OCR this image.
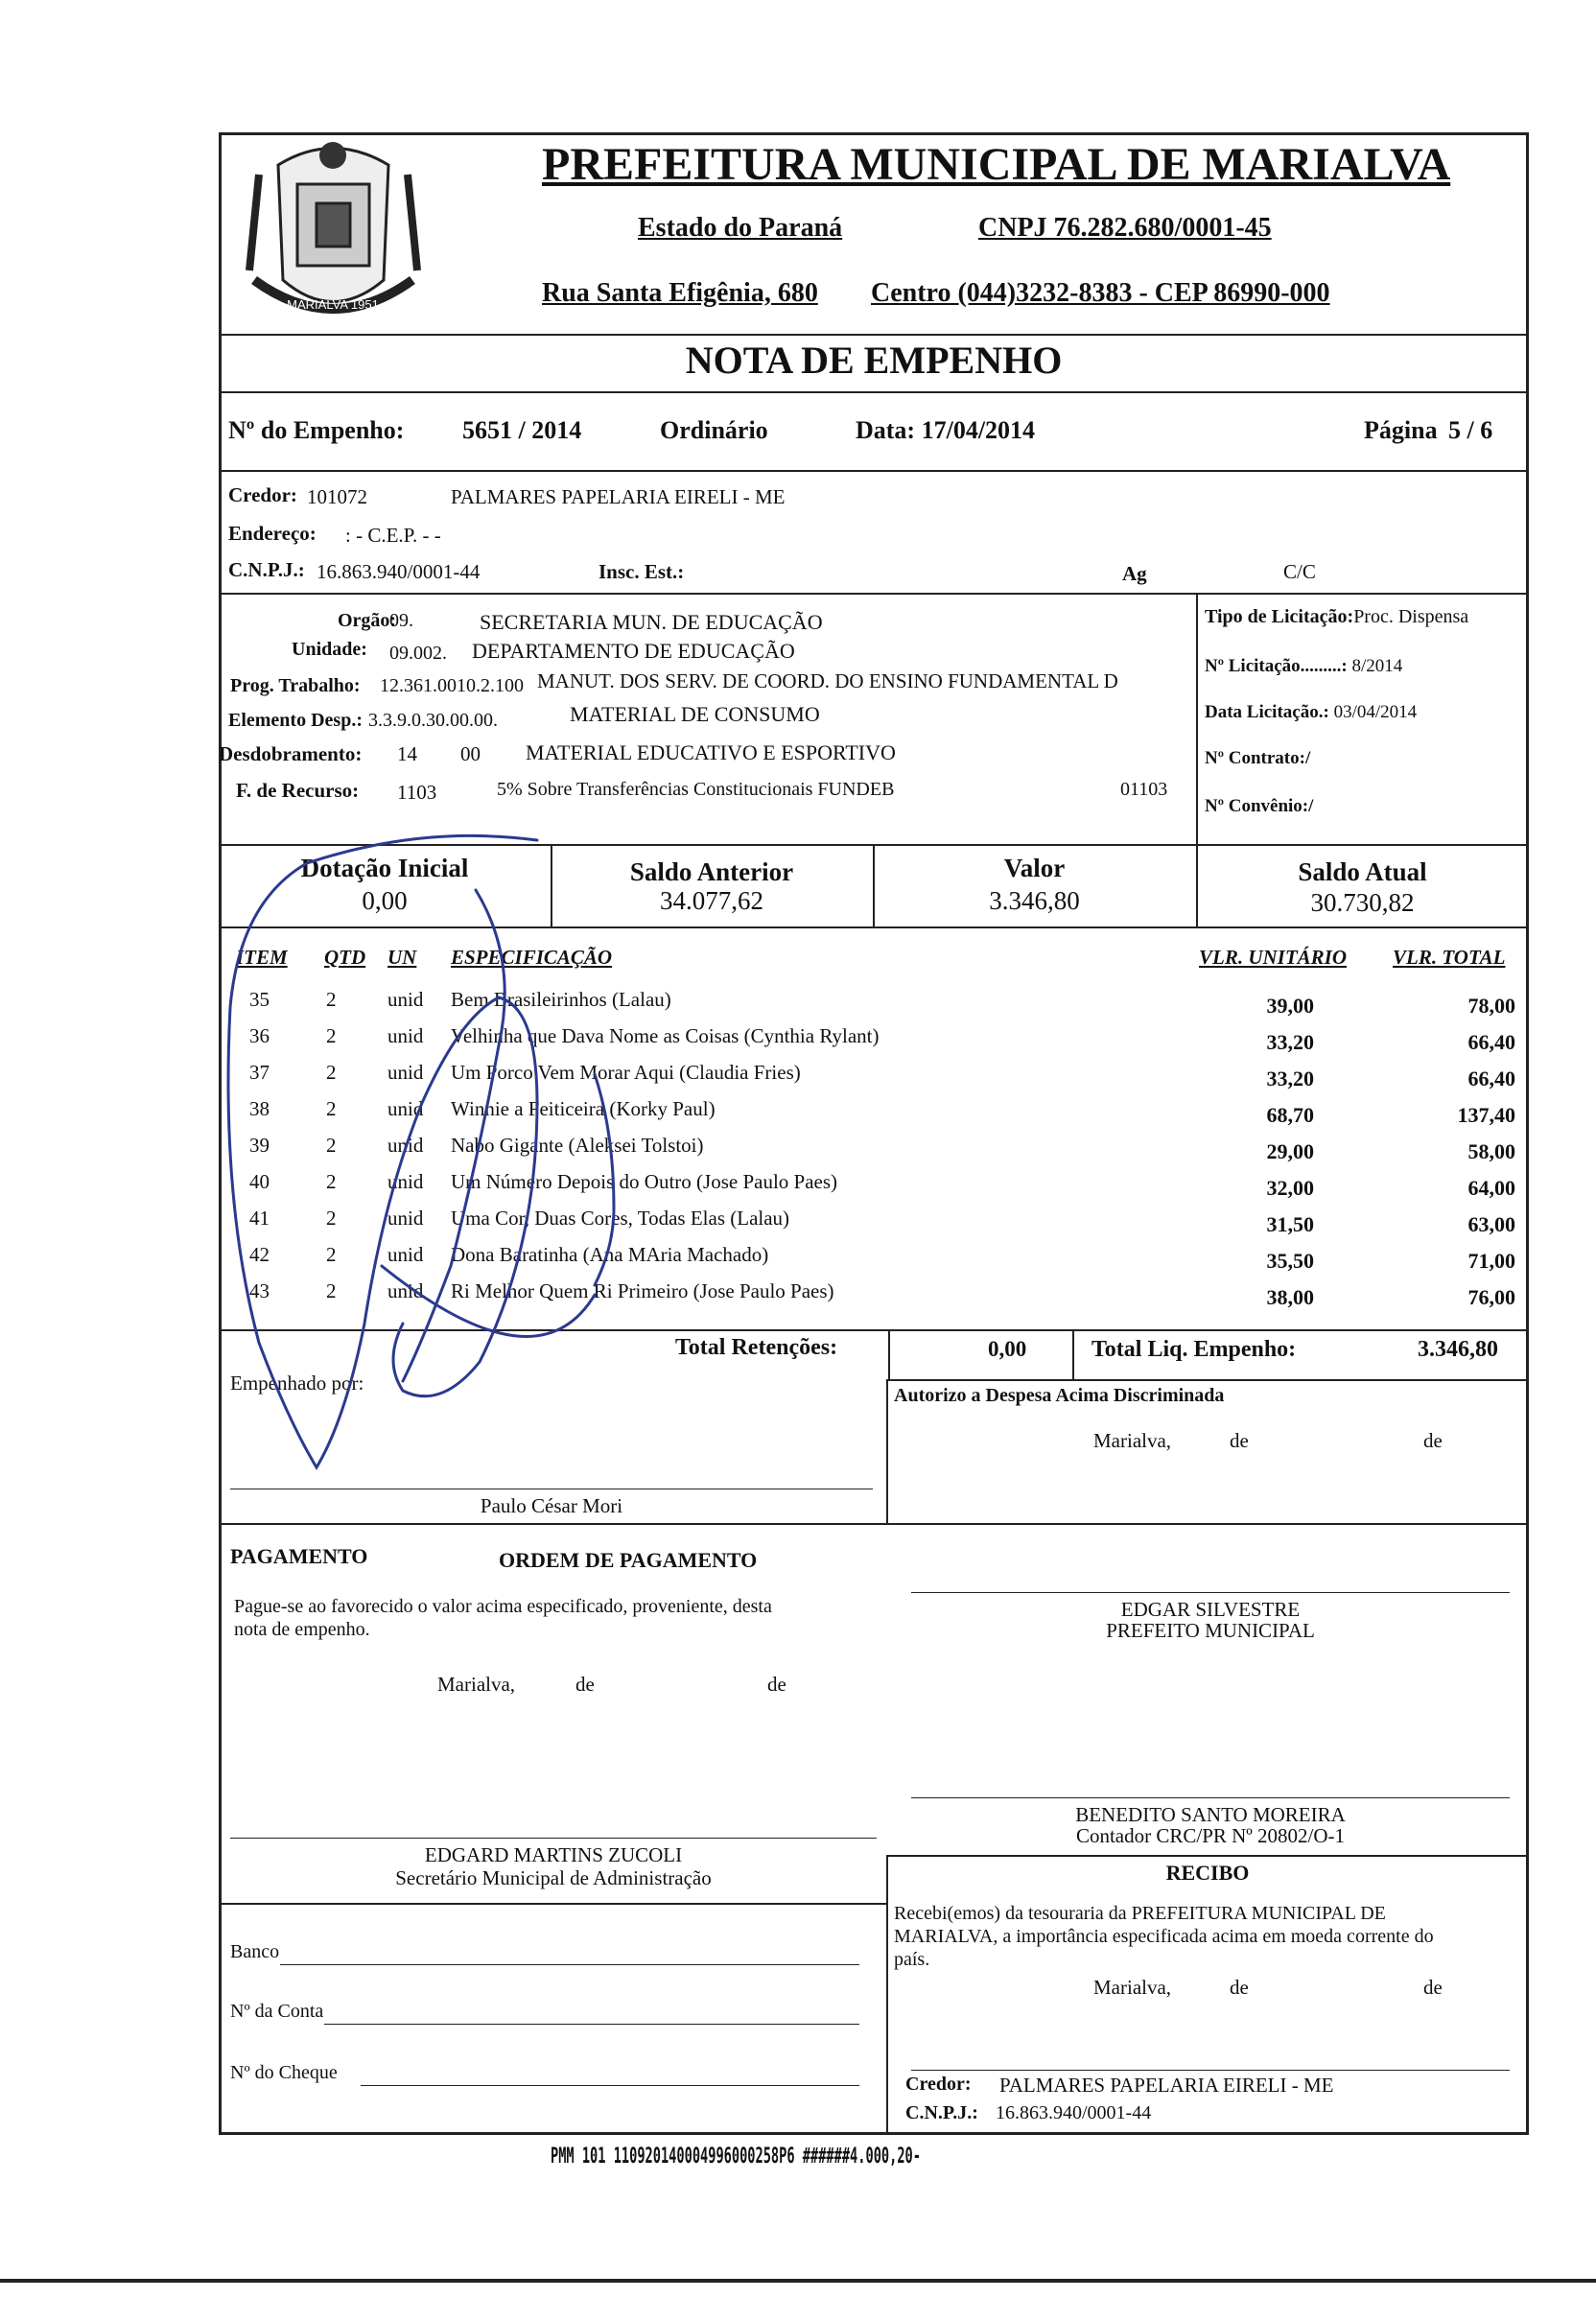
MARIALVA 1951
PREFEITURA MUNICIPAL DE MARIALVA
Estado do Paraná	CNPJ 76.282.680/0001-45
Rua Santa Efigênia, 680 Centro (044)3232-8383 - CEP 86990-000
NOTA DE EMPENHO
Nº do Empenho: 5651 / 2014	Ordinário	Data: 17/04/2014	Página 5 / 6
Credor: 101072	PALMARES PAPELARIA EIRELI - ME
Endereço: : - C.E.P. - -
C.N.P.J.: 16.863.940/0001-44	Insc. Est.:	Ag	C/C
Orgão:
09.	SECRETARIA MUN. DE EDUCAÇÃO
Unidade: 09.002. DEPARTAMENTO DE EDUCAÇÃO
Prog. Trabalho: 12.361.0010.2.100 MANUT. DOS SERV. DE COORD. DO ENSINO FUNDAMENTAL D
Elemento Desp.: 3.3.9.0.30.00.00.	MATERIAL DE CONSUMO
Desdobramento: 14 00 MATERIAL EDUCATIVO E ESPORTIVO
F. de Recurso: 1103	5% Sobre Transferências Constitucionais FUNDEB	01103
Tipo de Licitação:Proc. Dispensa
Nº Licitação.........: 8/2014
Data Licitação.: 03/04/2014
Nº Contrato:/
Nº Convênio:/
Dotação Inicial
0,00
Saldo Anterior
34.077,62
Valor
3.346,80
Saldo Atual
30.730,82
ITEM QTD UN ESPECIFICAÇÃO	VLR. UNITÁRIO VLR. TOTAL
35	2	unid	Bem Brasileirinhos (Lalau)	39,00	78,00
36	2	unid	Velhinha que Dava Nome as Coisas (Cynthia Rylant)	33,20	66,40
37	2	unid	Um Porco Vem Morar Aqui (Claudia Fries)	33,20	66,40
38	2	unid	Winnie a Feiticeira (Korky Paul)	68,70	137,40
39	2	unid	Nabo Gigante (Aleksei Tolstoi)	29,00	58,00
40	2	unid	Um Número Depois do Outro (Jose Paulo Paes)	32,00	64,00
41	2	unid	Uma Cor, Duas Cores, Todas Elas (Lalau)	31,50	63,00
42	2	unid	Dona Baratinha (Ana MAria Machado)	35,50	71,00
43	2	unid	Ri Melhor Quem Ri Primeiro (Jose Paulo Paes)	38,00	76,00
Total Retenções:	0,00	Total Liq. Empenho:	3.346,80
Empenhado por:
Autorizo a Despesa Acima Discriminada
Marialva,	de	de
Paulo César Mori
PAGAMENTO	ORDEM DE PAGAMENTO
Pague-se ao favorecido o valor acima especificado, proveniente, desta
nota de empenho.
Marialva,	de	de
EDGAR SILVESTRE
PREFEITO MUNICIPAL
BENEDITO SANTO MOREIRA
Contador CRC/PR Nº 20802/O-1
EDGARD MARTINS ZUCOLI
Secretário Municipal de Administração	RECIBO
Recebi(emos) da tesouraria da PREFEITURA MUNICIPAL DE
MARIALVA, a importância especificada acima em moeda corrente do
país.
Marialva,	de	de
Banco
Nº da Conta
Nº do Cheque
Credor: PALMARES PAPELARIA EIRELI - ME
C.N.P.J.: 16.863.940/0001-44
PMM 101 110920140004996000258P6 ######4.000,20-
